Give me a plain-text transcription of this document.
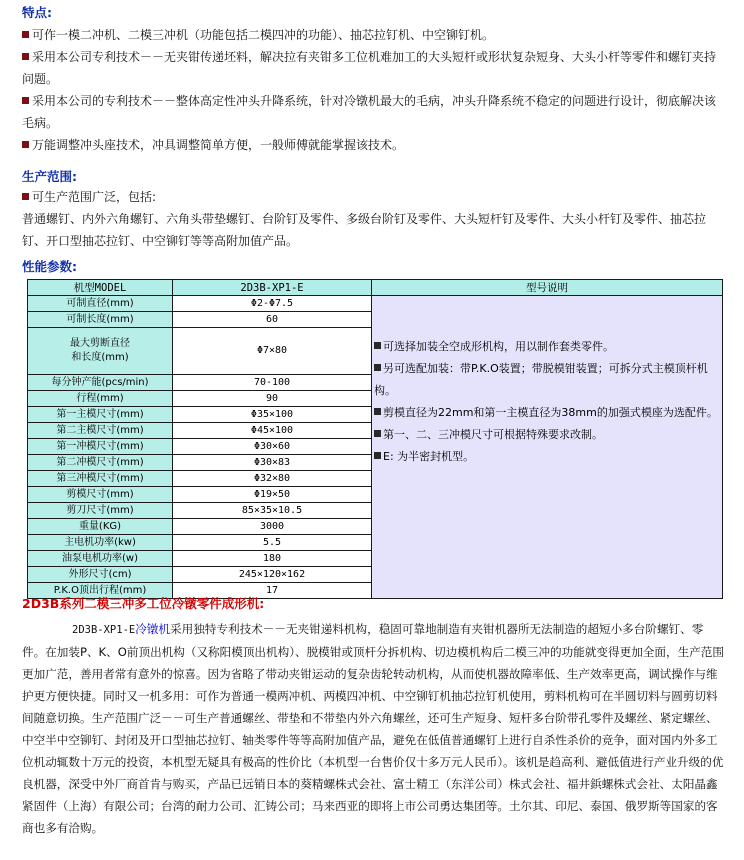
特点:
可作一模二冲机、二模三冲机（功能包括二模四冲的功能）、抽芯拉钉机、中空铆钉机。
采用本公司专利技术－－无夹钳传递坯料，解决拉有夹钳多工位机难加工的大头短杆或形状复杂短身、大头小杆等零件和螺钉夹持问题。
采用本公司的专利技术－－整体高定性冲头升降系统，针对冷镦机最大的毛病，冲头升降系统不稳定的问题进行设计，彻底解决该毛病。
万能调整冲头座技术，冲具调整简单方便，一般师傅就能掌握该技术。
生产范围:
可生产范围广泛，包括:
普通螺钉、内外六角螺钉、六角头带垫螺钉、台阶钉及零件、多级台阶钉及零件、大头短杆钉及零件、大头小杆钉及零件、抽芯拉钉、开口型抽芯拉钉、中空铆钉等等高附加值产品。
性能参数:
机型MODEL	2D3B-XP1-E	型号说明
可制直径(mm)	Φ2-Φ7.5	可选择加装全空成形机构，用以制作套类零件。
另可选配加装：带P.K.O装置；带脱模钳装置；可拆分式主模顶杆机构。
剪模直径为22mm和第一主模直径为38mm的加强式模座为选配件。
第一、二、三冲模尺寸可根据特殊要求改制。
E: 为半密封机型。

可制长度(mm)	60	
最大剪断直径
和长度(mm)	Φ7×80	
每分钟产能(pcs/min)	70-100	
行程(mm)	90	
第一主模尺寸(mm)	Φ35×100	
第二主模尺寸(mm)	Φ45×100	
第一冲模尺寸(mm)	Φ30×60	
第二冲模尺寸(mm)	Φ30×83	
第三冲模尺寸(mm)	Φ32×80	
剪模尺寸(mm)	Φ19×50	
剪刀尺寸(mm)	85×35×10.5	
重量(KG)	3000	
主电机功率(kw)	5.5	
油泵电机功率(w)	180	
外形尺寸(cm)	245×120×162	
P.K.O顶出行程(mm)	17	
2D3B系列二模三冲多工位冷镦零件成形机:
2D3B-XP1-E冷镦机采用独特专利技术－－无夹钳递料机构，稳固可靠地制造有夹钳机器所无法制造的超短小多台阶螺钉、零件。在加装P、K、O前顶出机构（又称阳模顶出机构）、脱模钳或顶杆分拆机构、切边模机构后二模三冲的功能就变得更加全面，生产范围更加广范，善用者常有意外的惊喜。因为省略了带动夹钳运动的复杂齿轮转动机构，从而使机器故障率低、生产效率更高，调试操作与维护更方便快捷。同时又一机多用：可作为普通一模两冲机、两模四冲机、中空铆钉机抽芯拉钉机使用，剪料机构可在半圆切料与圆剪切料间随意切换。生产范围广泛－－可生产普通螺丝、带垫和不带垫内外六角螺丝，还可生产短身、短杆多台阶带孔零件及螺丝、紧定螺丝、中空半中空铆钉、封闭及开口型抽芯拉钉、轴类零件等等高附加值产品，避免在低值普通螺钉上进行自杀性杀价的竞争，面对国内外多工位机动辄数十万元的投资，本机型无疑具有极高的性价比（本机型一台售价仅十多万元人民币）。该机是趋高利、避低值进行产业升级的优良机器，深受中外厂商首肯与购买，产品已远销日本的葵精螺株式会社、富士精工（东洋公司）株式会社、福井鋲螺株式会社、太阳晶鑫紧固件（上海）有限公司；台湾的耐力公司、汇铸公司；马来西亚的即将上市公司勇达集团等。土尔其、印尼、泰国、俄罗斯等国家的客商也多有洽购。
